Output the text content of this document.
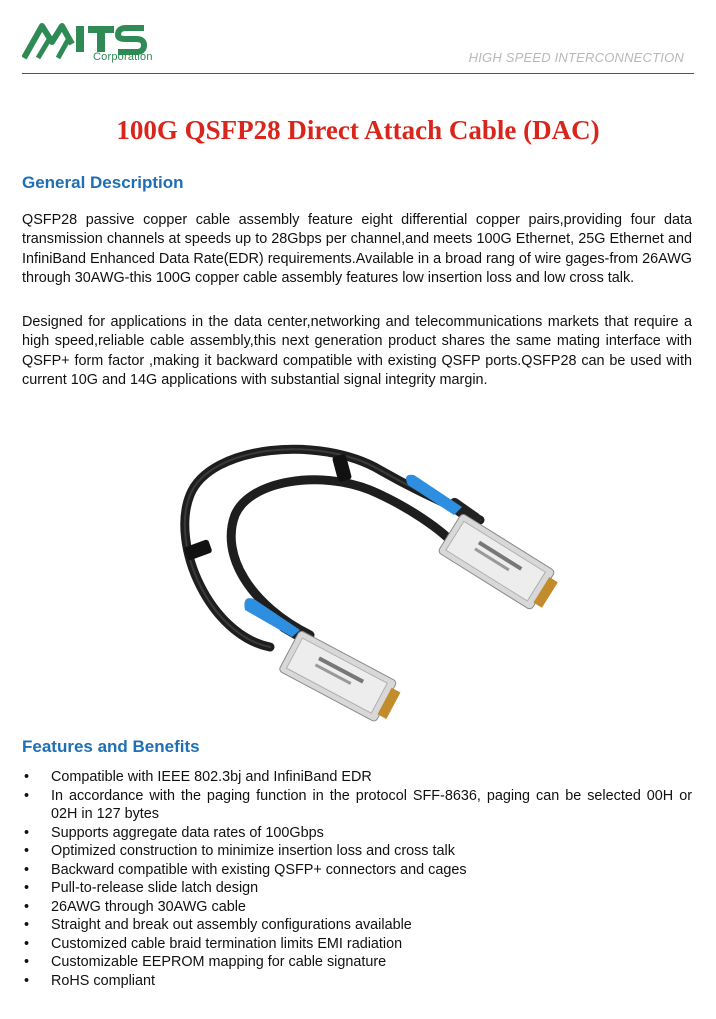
Corporation	HIGH SPEED INTERCONNECTION
100G QSFP28 Direct Attach Cable (DAC)
General Description

QSFP28 passive copper cable assembly feature eight differential copper pairs,providing four data transmission channels at speeds up to 28Gbps per channel,and meets 100G Ethernet, 25G Ethernet and InfiniBand Enhanced Data Rate(EDR) requirements.Available in a broad rang of wire gages-from 26AWG through 30AWG-this 100G copper cable assembly features low insertion loss and low cross talk.

Designed for applications in the data center,networking and telecommunications markets that require a high speed,reliable cable assembly,this next generation product shares the same mating interface with QSFP+ form factor ,making it backward compatible with existing QSFP ports.QSFP28 can be used with current 10G and 14G applications with substantial signal integrity margin.

Features and Benefits
• Compatible with IEEE 802.3bj and InfiniBand EDR
• In accordance with the paging function in the protocol SFF-8636, paging can be selected 00H or 02H in 127 bytes
• Supports aggregate data rates of 100Gbps
• Optimized construction to minimize insertion loss and cross talk
• Backward compatible with existing QSFP+ connectors and cages
• Pull-to-release slide latch design
• 26AWG through 30AWG cable
• Straight and break out assembly configurations available
• Customized cable braid termination limits EMI radiation
• Customizable EEPROM mapping for cable signature
• RoHS compliant
